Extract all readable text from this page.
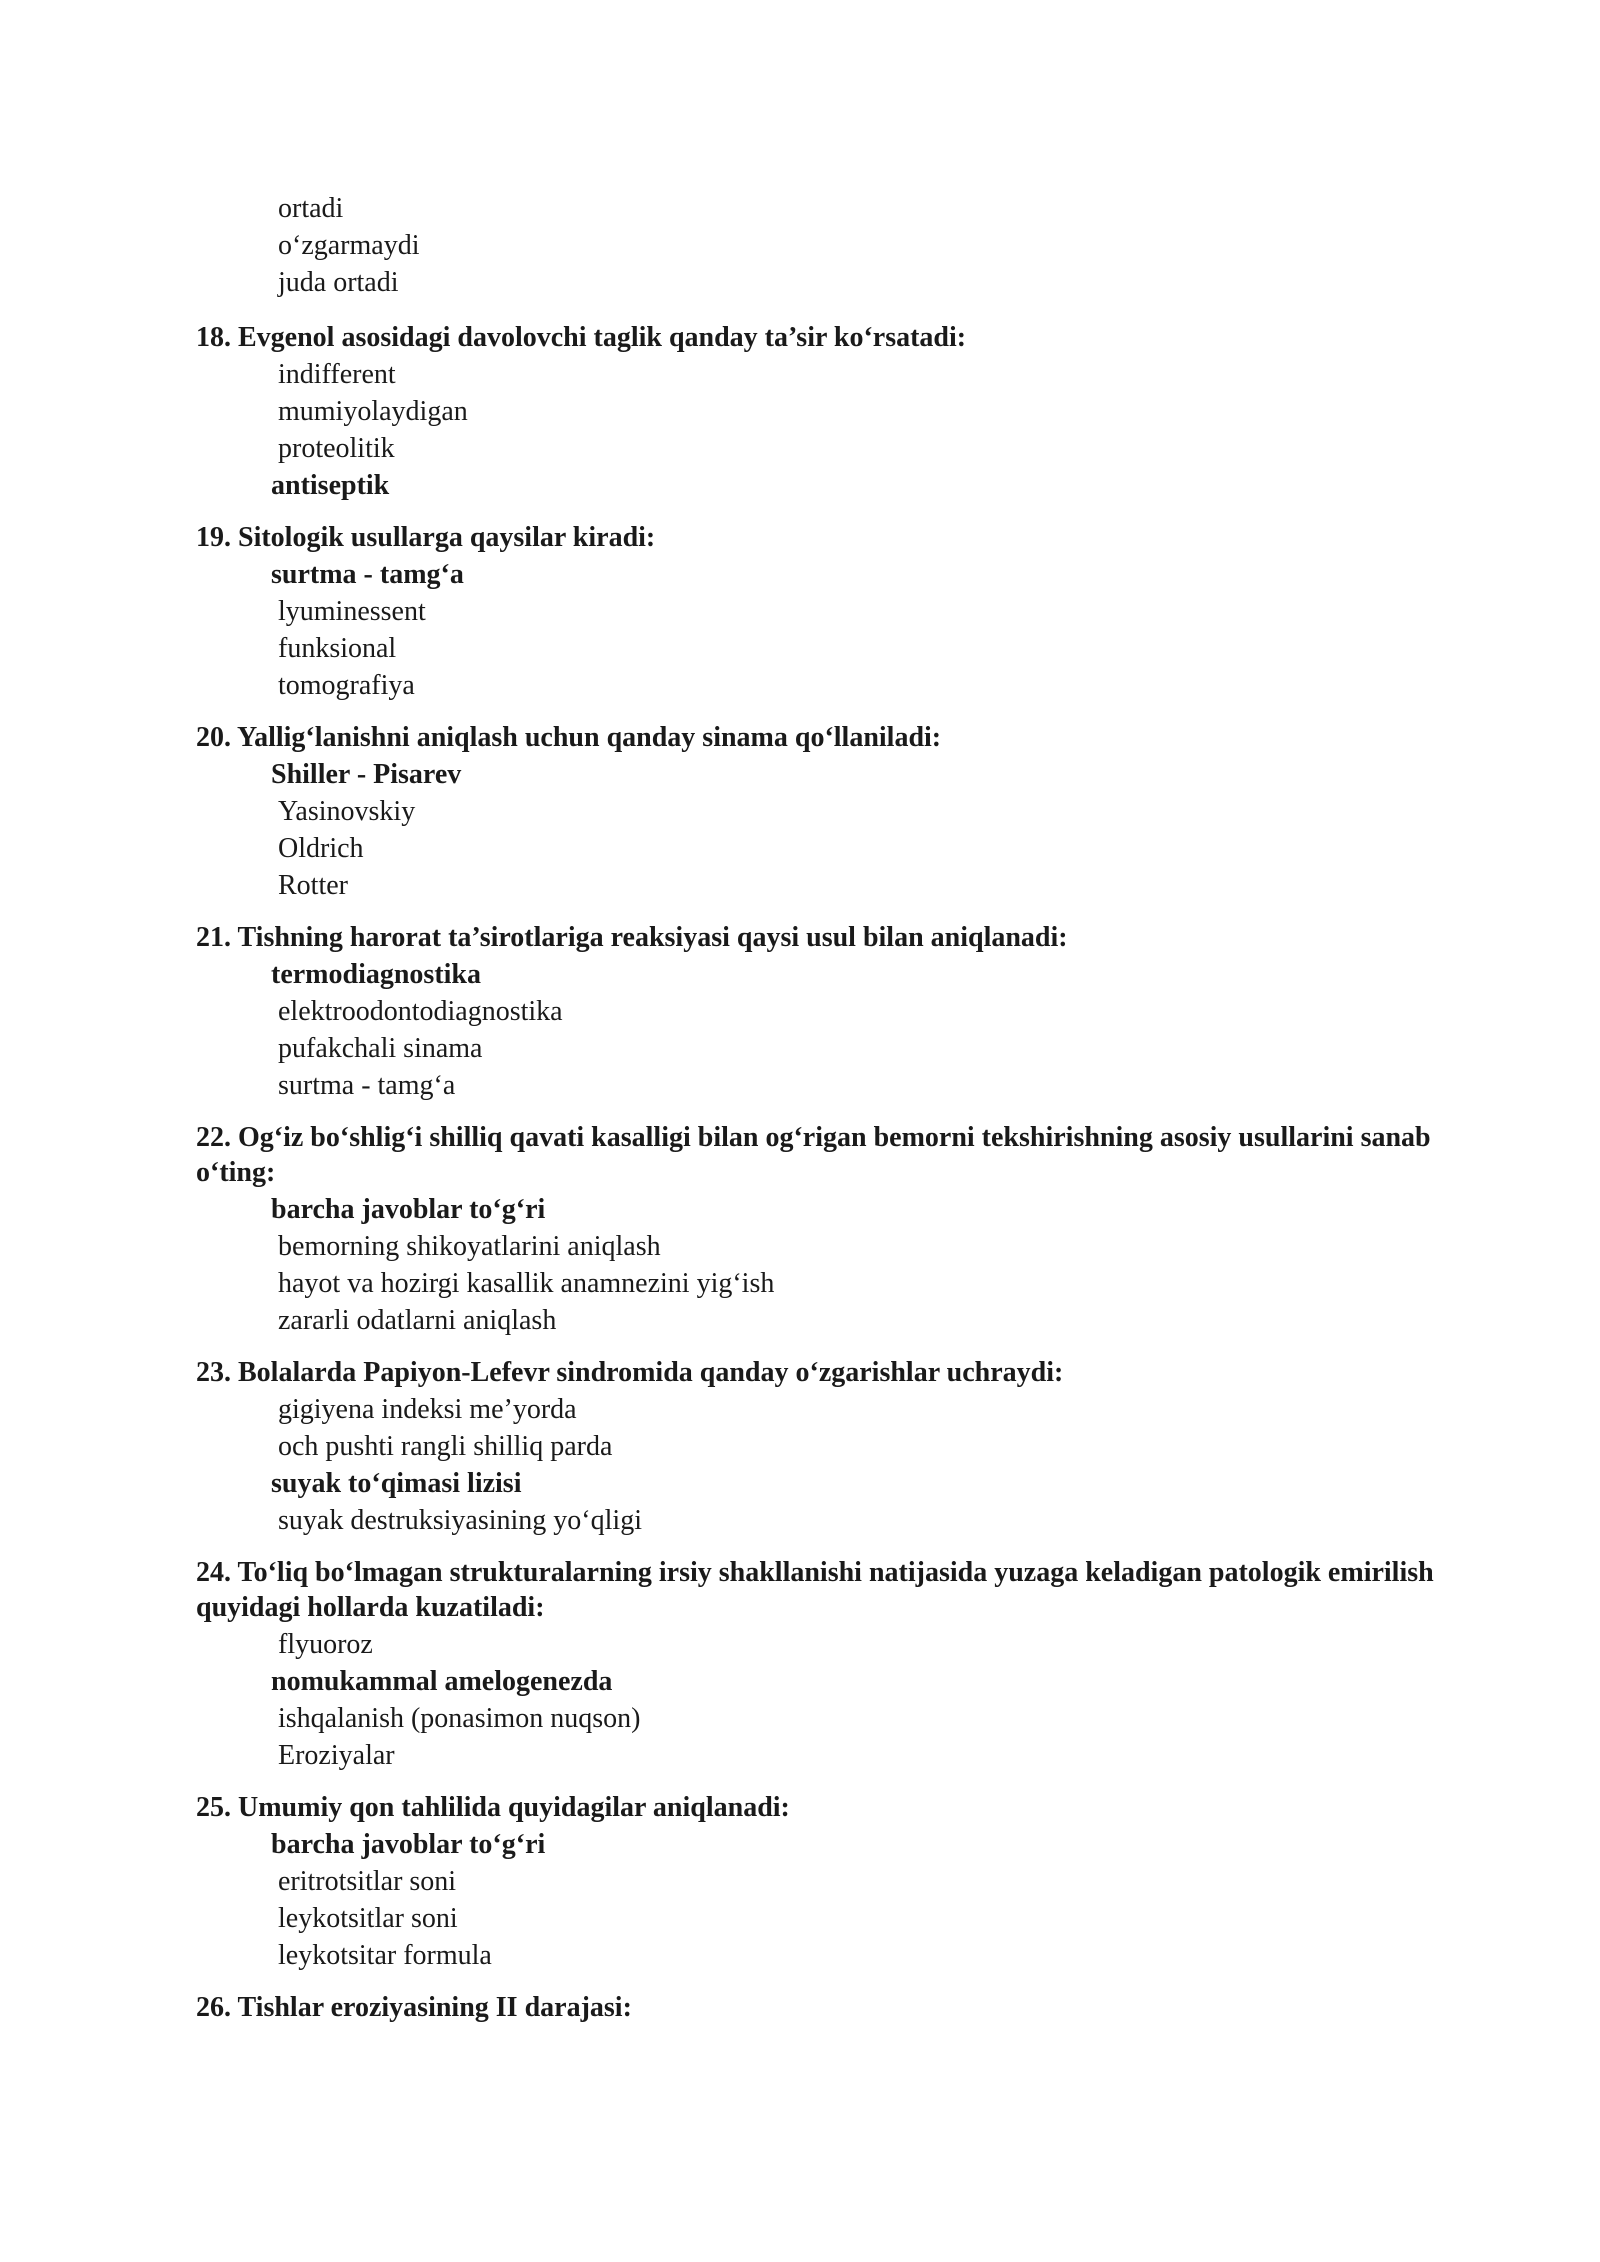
ortadi
o‘zgarmaydi
juda ortadi
18. Evgenol asosidagi davolovchi taglik qanday ta’sir ko‘rsatadi:
indifferent
mumiyolaydigan
proteolitik
antiseptik
19. Sitologik usullarga qaysilar kiradi:
surtma - tamg‘a
lyuminessent
funksional
tomografiya
20. Yallig‘lanishni aniqlash uchun qanday sinama qo‘llaniladi:
Shiller - Pisarev
Yasinovskiy
Oldrich
Rotter
21. Tishning harorat ta’sirotlariga reaksiyasi qaysi usul bilan aniqlanadi:
termodiagnostika
elektroodontodiagnostika
pufakchali sinama
surtma - tamg‘a
22. Og‘iz bo‘shlig‘i shilliq qavati kasalligi bilan og‘rigan bemorni tekshirishning asosiy usullarini sanab o‘ting:
barcha javoblar to‘g‘ri
bemorning shikoyatlarini aniqlash
hayot va hozirgi kasallik anamnezini yig‘ish
zararli odatlarni aniqlash
23. Bolalarda Papiyon-Lefevr sindromida qanday o‘zgarishlar uchraydi:
gigiyena indeksi me’yorda
och pushti rangli shilliq parda
suyak to‘qimasi lizisi
suyak destruksiyasining yo‘qligi
24. To‘liq bo‘lmagan strukturalarning irsiy shakllanishi natijasida yuzaga keladigan patologik emirilish quyidagi hollarda kuzatiladi:
flyuoroz
nomukammal amelogenezda
ishqalanish (ponasimon nuqson)
Eroziyalar
25. Umumiy qon tahlilida quyidagilar aniqlanadi:
barcha javoblar to‘g‘ri
eritrotsitlar soni
leykotsitlar soni
leykotsitar formula
26. Tishlar eroziyasining II darajasi:
